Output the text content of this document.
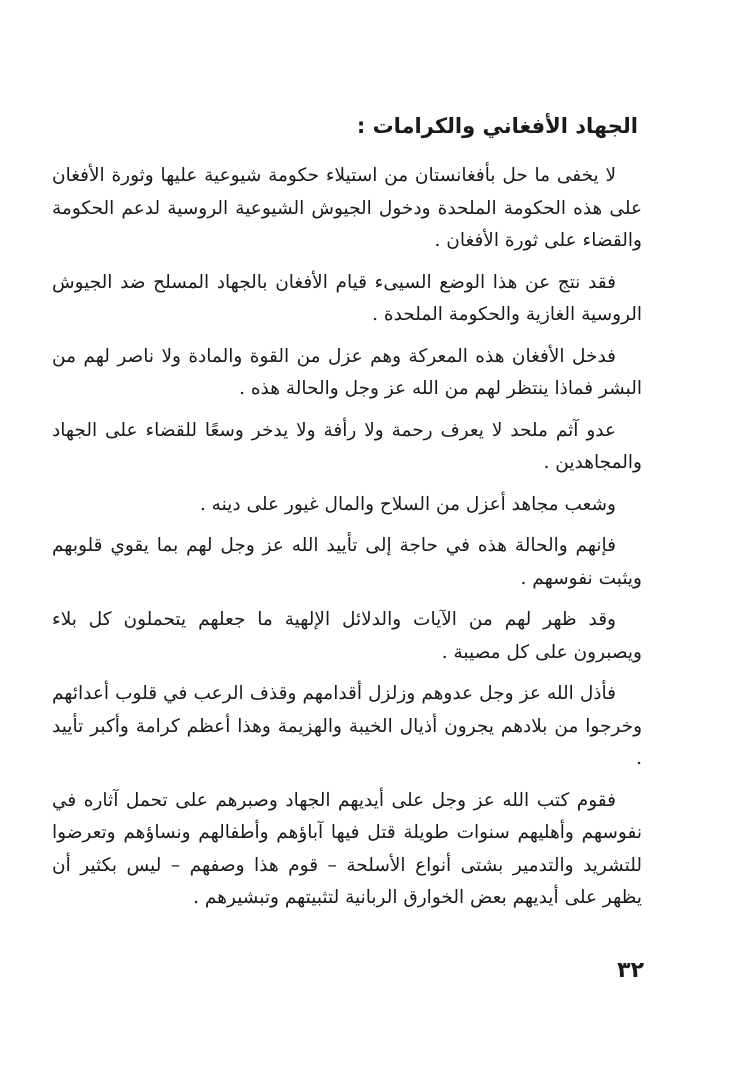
الجهاد الأفغاني والكرامات :

لا يخفى ما حل بأفغانستان من استيلاء حكومة شيوعية عليها وثورة الأفغان على هذه الحكومة الملحدة ودخول الجيوش الشيوعية الروسية لدعم الحكومة والقضاء على ثورة الأفغان .

فقد نتج عن هذا الوضع السيىء قيام الأفغان بالجهاد المسلح ضد الجيوش الروسية الغازية والحكومة الملحدة .

فدخل الأفغان هذه المعركة وهم عزل من القوة والمادة ولا ناصر لهم من البشر فماذا ينتظر لهم من الله عز وجل والحالة هذه .

عدو آثم ملحد لا يعرف رحمة ولا رأفة ولا يدخر وسعًا للقضاء على الجهاد والمجاهدين .

وشعب مجاهد أعزل من السلاح والمال غيور على دينه .

فإنهم والحالة هذه في حاجة إلى تأييد الله عز وجل لهم بما يقوي قلوبهم ويثبت نفوسهم .

وقد ظهر لهم من الآيات والدلائل الإلهية ما جعلهم يتحملون كل بلاء ويصبرون على كل مصيبة .

فأذل الله عز وجل عدوهم وزلزل أقدامهم وقذف الرعب في قلوب أعدائهم وخرجوا من بلادهم يجرون أذيال الخيبة والهزيمة وهذا أعظم كرامة وأكبر تأييد .

فقوم كتب الله عز وجل على أيديهم الجهاد وصبرهم على تحمل آثاره في نفوسهم وأهليهم سنوات طويلة قتل فيها آباؤهم وأطفالهم ونساؤهم وتعرضوا للتشريد والتدمير بشتى أنواع الأسلحة – قوم هذا وصفهم – ليس بكثير أن يظهر على أيديهم بعض الخوارق الربانية لتثبيتهم وتبشيرهم .

٣٢
